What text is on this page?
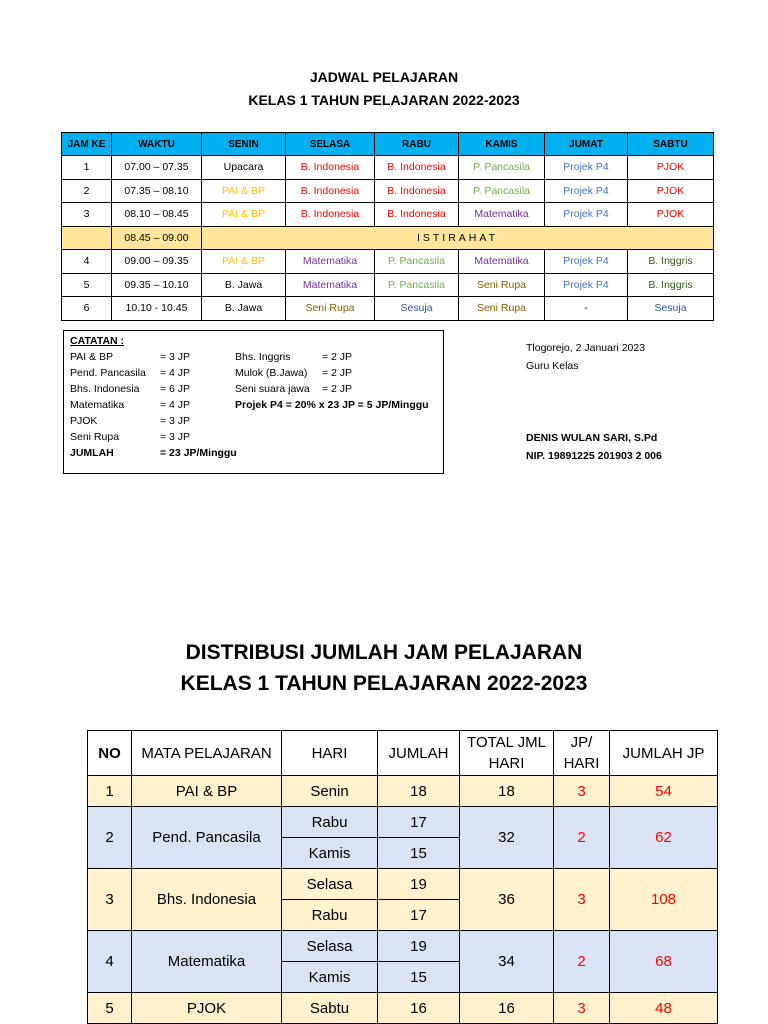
JADWAL PELAJARAN
KELAS 1 TAHUN PELAJARAN 2022-2023
JAM KE	WAKTU	SENIN	SELASA	RABU	KAMIS	JUMAT	SABTU
1	07.00 – 07.35	Upacara	B. Indonesia	B. Indonesia	P. Pancasila	Projek P4	PJOK
2	07.35 – 08.10	PAI & BP	B. Indonesia	B. Indonesia	P. Pancasila	Projek P4	PJOK
3	08.10 – 08.45	PAI & BP	B. Indonesia	B. Indonesia	Matematika	Projek P4	PJOK
	08.45 – 09.00	ISTIRAHAT					
4	09.00 – 09.35	PAI & BP	Matematika	P. Pancasila	Matematika	Projek P4	B. Inggris
5	09.35 – 10.10	B. Jawa	Matematika	P. Pancasila	Seni Rupa	Projek P4	B. Inggris
6	10.10 - 10.45	B. Jawa	Seni Rupa	Sesuja	Seni Rupa	-	Sesuja
CATATAN :
PAI & BP	= 3 JP
Pend. Pancasila = 4 JP
Bhs. Indonesia = 6 JP
Matematika	= 4 JP
PJOK	= 3 JP
Seni Rupa	= 3 JP
JUMLAH	= 23 JP/Minggu
Bhs. Inggris	= 2 JP
Mulok (B.Jawa) = 2 JP
Seni suara jawa = 2 JP
Projek P4 = 20% x 23 JP = 5 JP/Minggu
Tlogorejo, 2 Januari 2023
Guru Kelas
DENIS WULAN SARI, S.Pd
NIP. 19891225 201903 2 006
DISTRIBUSI JUMLAH JAM PELAJARAN
KELAS 1 TAHUN PELAJARAN 2022-2023
NO	MATA PELAJARAN	HARI	JUMLAH	TOTAL JML HARI	JP/ HARI	JUMLAH JP
1	PAI & BP	Senin	18	18	3	54
2	Pend. Pancasila	Rabu	17	32	2	62
		Kamis	15			
3	Bhs. Indonesia	Selasa	19	36	3	108
		Rabu	17			
4	Matematika	Selasa	19	34	2	68
		Kamis	15			
5	PJOK	Sabtu	16	16	3	48
